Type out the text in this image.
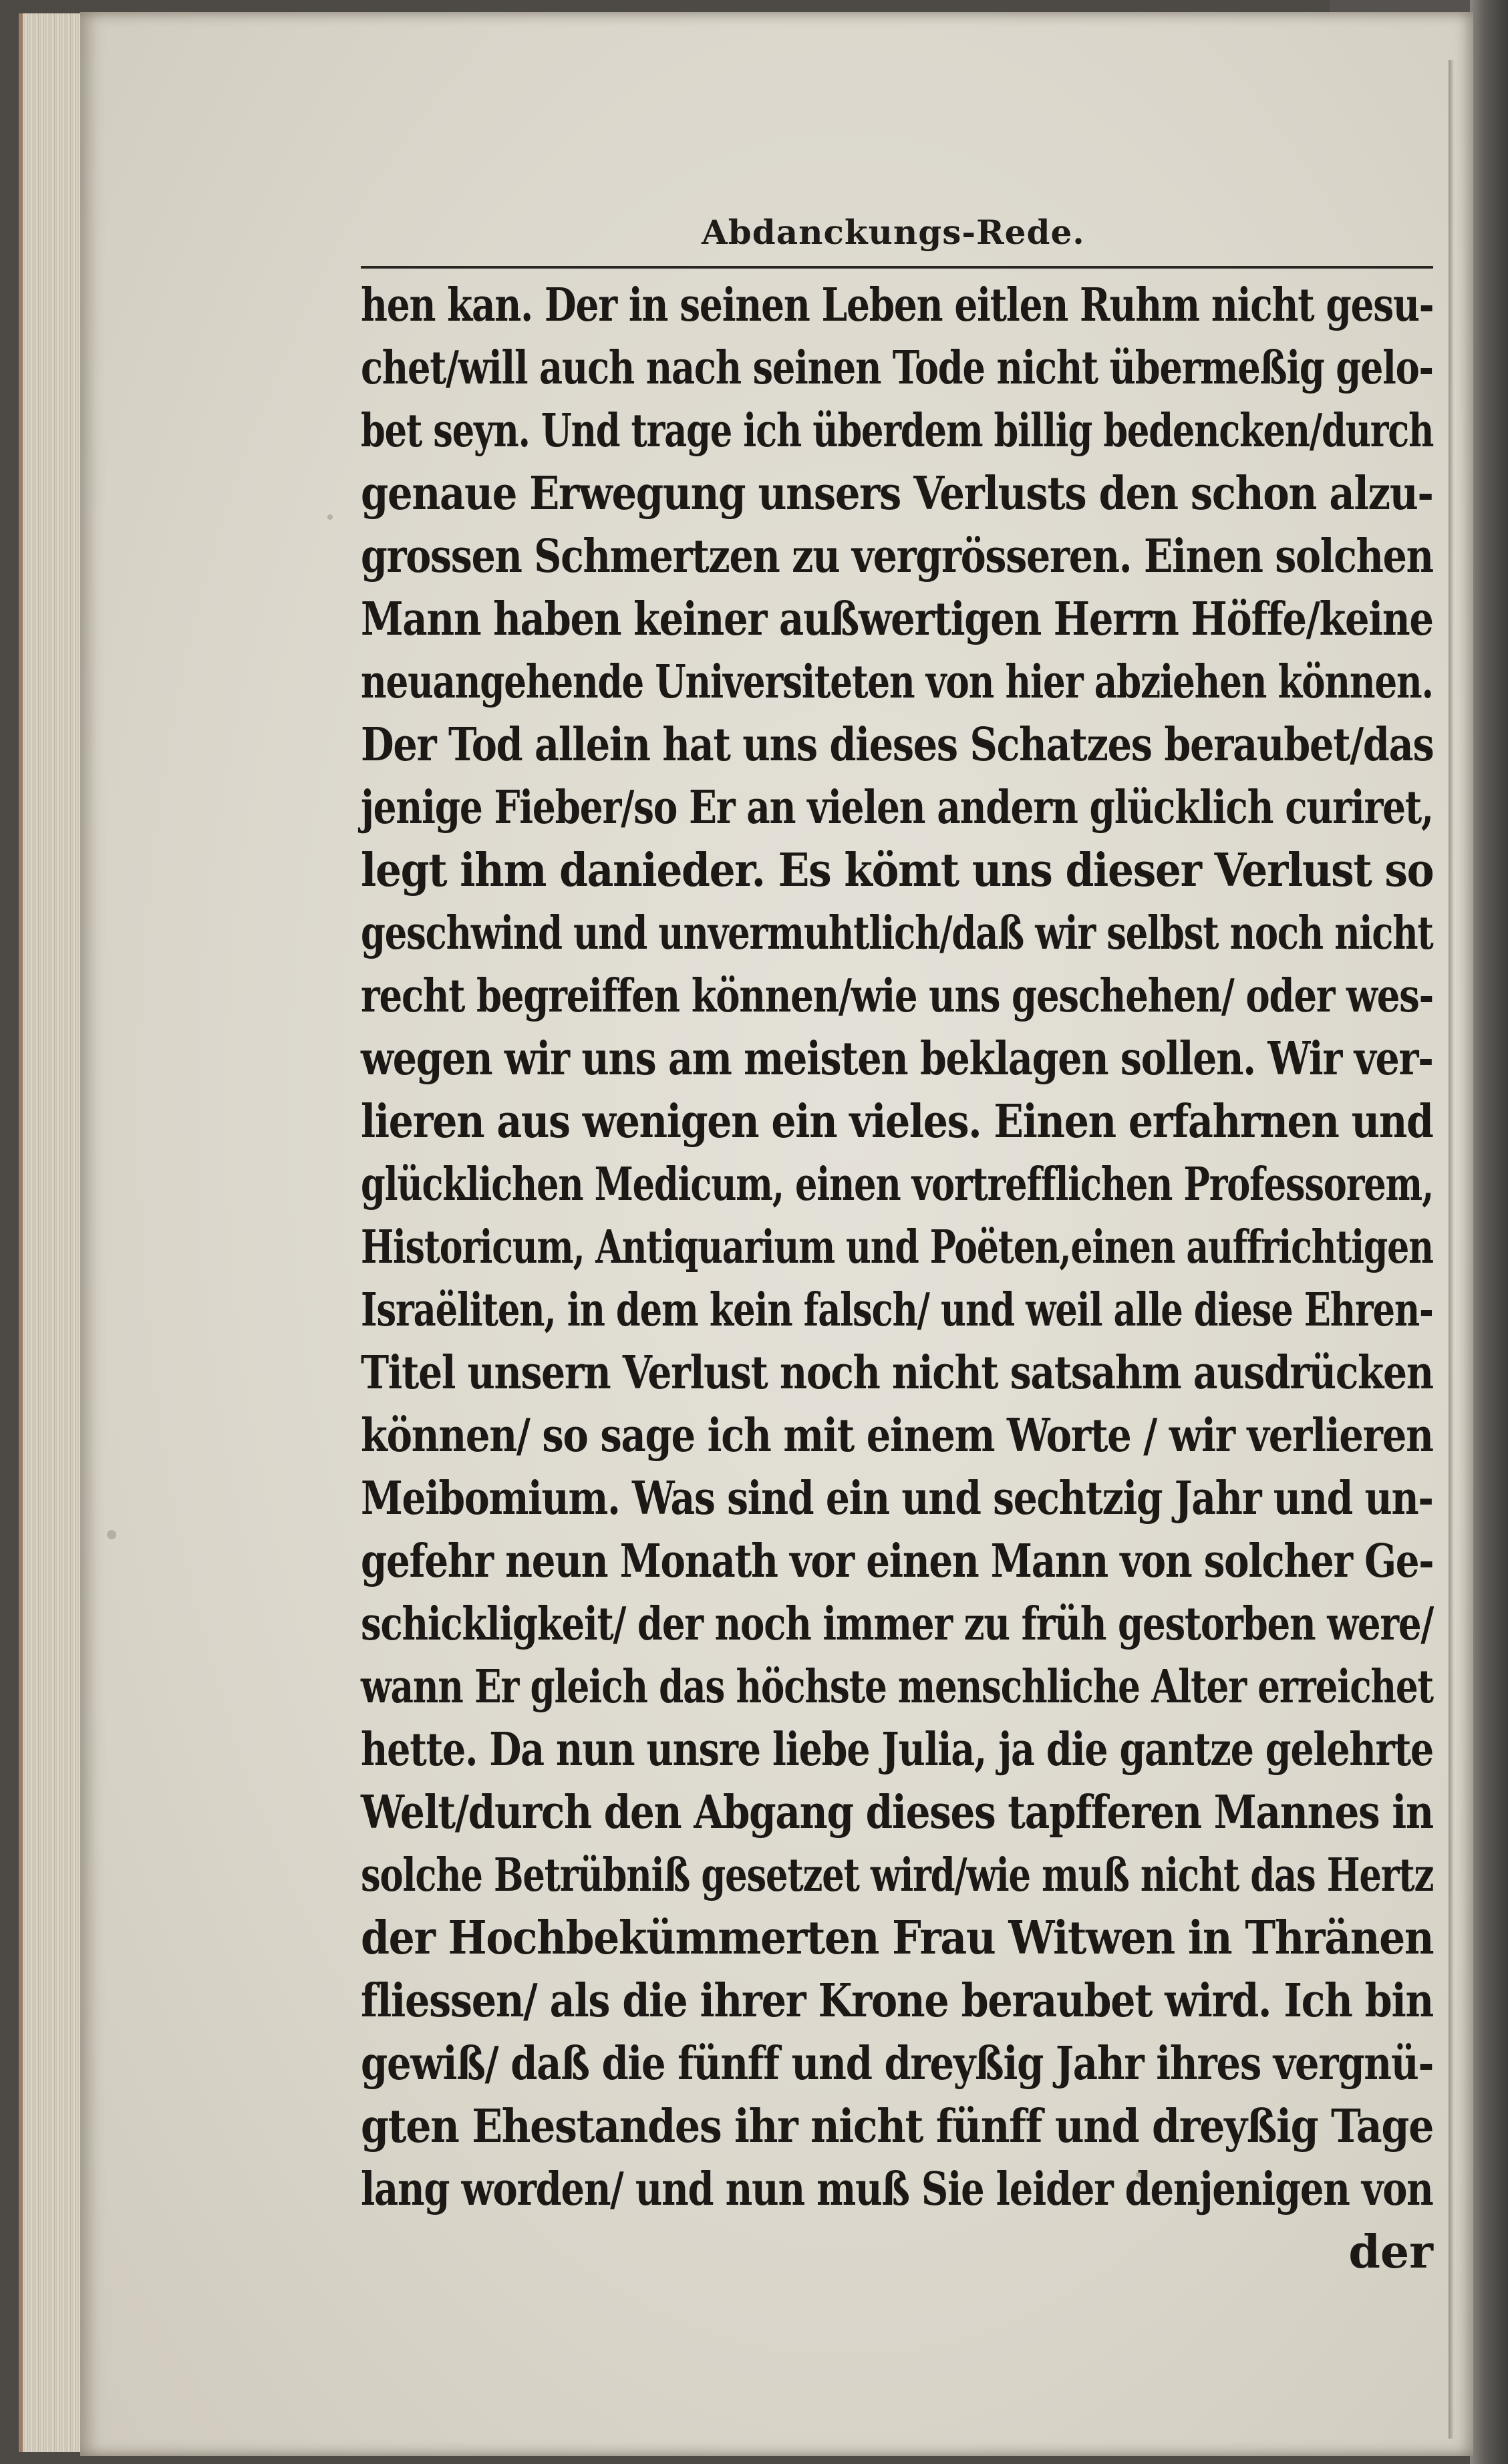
Abdanckungs-Rede.
hen kan. Der in seinen Leben eitlen Ruhm nicht gesu-
chet/will auch nach seinen Tode nicht übermeßig gelo-
bet seyn. Und trage ich überdem billig bedencken/durch
genaue Erwegung unsers Verlusts den schon alzu-
grossen Schmertzen zu vergrösseren. Einen solchen
Mann haben keiner außwertigen Herrn Höffe/keine
neuangehende Universiteten von hier abziehen können.
Der Tod allein hat uns dieses Schatzes beraubet/das
jenige Fieber/so Er an vielen andern glücklich curiret,
legt ihm danieder. Es kömt uns dieser Verlust so
geschwind und unvermuhtlich/daß wir selbst noch nicht
recht begreiffen können/wie uns geschehen/ oder wes-
wegen wir uns am meisten beklagen sollen. Wir ver-
lieren aus wenigen ein vieles. Einen erfahrnen und
glücklichen Medicum, einen vortrefflichen Professorem,
Historicum, Antiquarium und Poëten,einen auffrichtigen
Israëliten, in dem kein falsch/ und weil alle diese Ehren-
Titel unsern Verlust noch nicht satsahm ausdrücken
können/ so sage ich mit einem Worte / wir verlieren
Meibomium. Was sind ein und sechtzig Jahr und un-
gefehr neun Monath vor einen Mann von solcher Ge-
schickligkeit/ der noch immer zu früh gestorben were/
wann Er gleich das höchste menschliche Alter erreichet
hette. Da nun unsre liebe Julia, ja die gantze gelehrte
Welt/durch den Abgang dieses tapfferen Mannes in
solche Betrübniß gesetzet wird/wie muß nicht das Hertz
der Hochbekümmerten Frau Witwen in Thränen
fliessen/ als die ihrer Krone beraubet wird. Ich bin
gewiß/ daß die fünff und dreyßig Jahr ihres vergnü-
gten Ehestandes ihr nicht fünff und dreyßig Tage
lang worden/ und nun muß Sie leider denjenigen von
der
